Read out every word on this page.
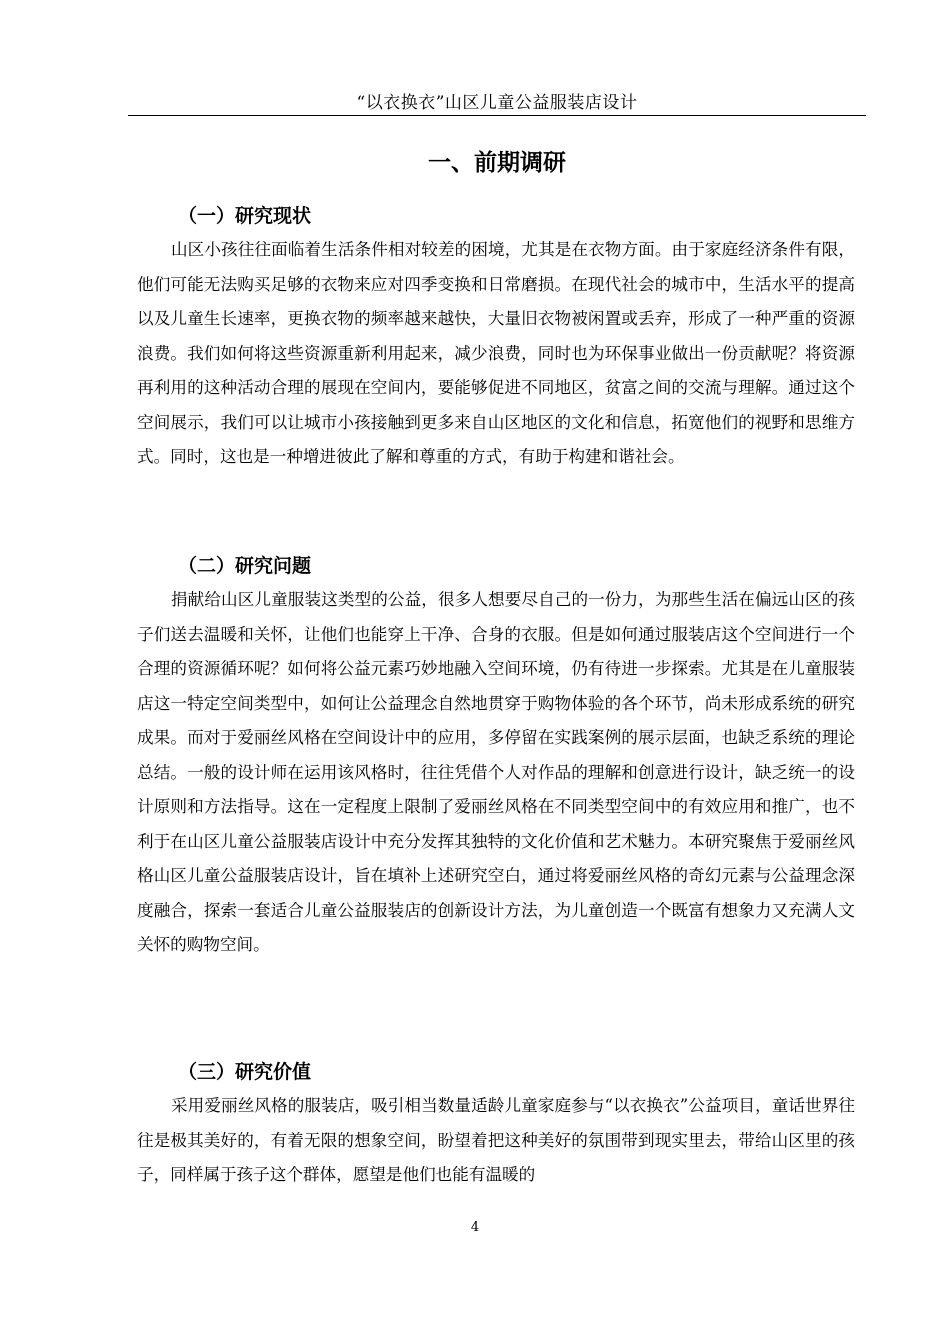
“以衣换衣”山区儿童公益服装店设计
一、前期调研
（一）研究现状

山区小孩往往面临着生活条件相对较差的困境，尤其是在衣物方面。由于家庭经济条件有限，他们可能无法购买足够的衣物来应对四季变换和日常磨损。在现代社会的城市中，生活水平的提高以及儿童生长速率，更换衣物的频率越来越快，大量旧衣物被闲置或丢弃，形成了一种严重的资源浪费。我们如何将这些资源重新利用起来，减少浪费，同时也为环保事业做出一份贡献呢？将资源再利用的这种活动合理的展现在空间内，要能够促进不同地区，贫富之间的交流与理解。通过这个空间展示，我们可以让城市小孩接触到更多来自山区地区的文化和信息，拓宽他们的视野和思维方式。同时，这也是一种增进彼此了解和尊重的方式，有助于构建和谐社会。

（二）研究问题

捐献给山区儿童服装这类型的公益，很多人想要尽自己的一份力，为那些生活在偏远山区的孩子们送去温暖和关怀，让他们也能穿上干净、合身的衣服。但是如何通过服装店这个空间进行一个合理的资源循环呢？如何将公益元素巧妙地融入空间环境，仍有待进一步探索。尤其是在儿童服装店这一特定空间类型中，如何让公益理念自然地贯穿于购物体验的各个环节，尚未形成系统的研究成果。而对于爱丽丝风格在空间设计中的应用，多停留在实践案例的展示层面，也缺乏系统的理论总结。一般的设计师在运用该风格时，往往凭借个人对作品的理解和创意进行设计，缺乏统一的设计原则和方法指导。这在一定程度上限制了爱丽丝风格在不同类型空间中的有效应用和推广，也不利于在山区儿童公益服装店设计中充分发挥其独特的文化价值和艺术魅力。本研究聚焦于爱丽丝风格山区儿童公益服装店设计，旨在填补上述研究空白，通过将爱丽丝风格的奇幻元素与公益理念深度融合，探索一套适合儿童公益服装店的创新设计方法，为儿童创造一个既富有想象力又充满人文关怀的购物空间。

（三）研究价值

采用爱丽丝风格的服装店，吸引相当数量适龄儿童家庭参与“以衣换衣”公益项目，童话世界往往是极其美好的，有着无限的想象空间，盼望着把这种美好的氛围带到现实里去，带给山区里的孩子，同样属于孩子这个群体，愿望是他们也能有温暖的

4
